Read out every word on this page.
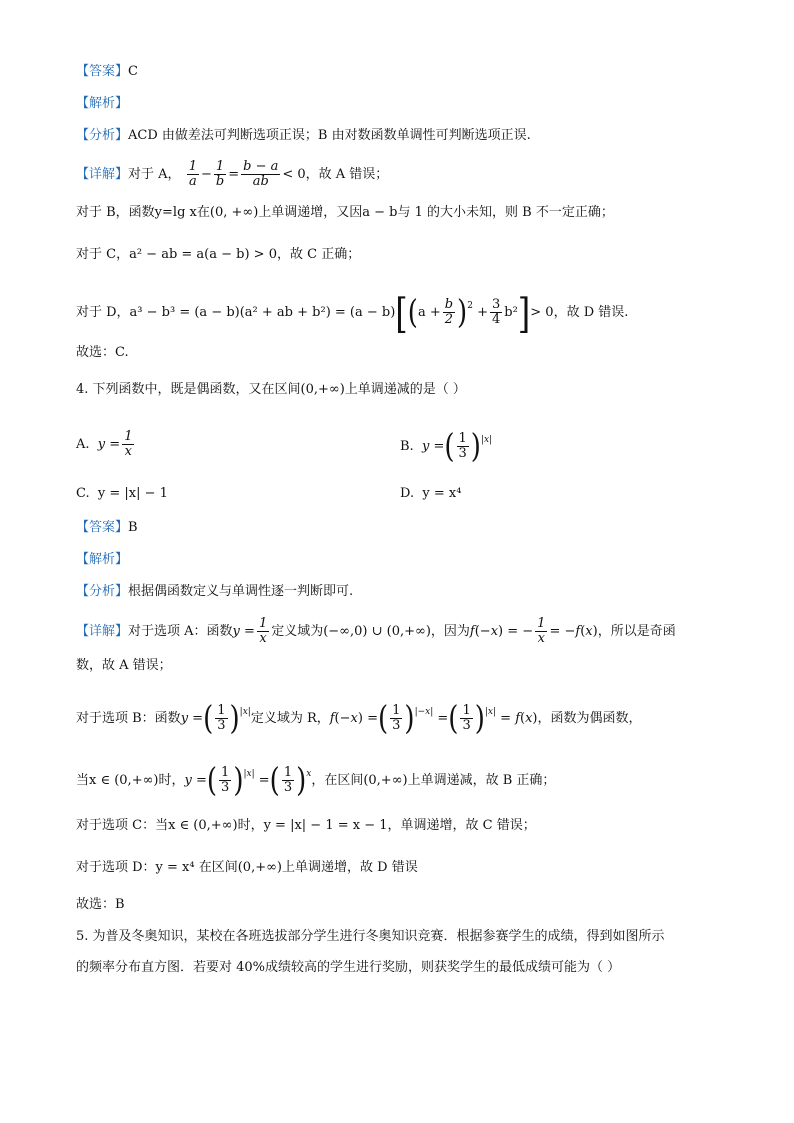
【答案】C
【解析】
【分析】ACD 由做差法可判断选项正误；B 由对数函数单调性可判断选项正误.
【详解】对于 A， $\frac{1}{a} - \frac{1}{b} = \frac{b - a}{ab} < 0$，故 A 错误；
对于 B，函数y=lg x在(0, +∞)上单调递增，又因a − b与 1 的大小未知，则 B 不一定正确；
对于 C，a² − ab = a(a − b) > 0，故 C 正确；
对于 D，a³ − b³ = (a − b)(a² + ab + $b^2) = (a - b)[(a + \frac{b}{2} )^2 + \frac{3}{4} b^2]> 0$，故 D 错误.
故选：C.
4. 下列函数中，既是偶函数，又在区间(0,+∞)上单调递减的是（ ）
A. $y = \frac{1}{x}$	B. y =( $\frac{1}{3} )^{|x|}$
C. y = |x| − 1	D. y = x⁴
【答案】B
【解析】
【分析】根据偶函数定义与单调性逐一判断即可.
【详解】对于选项 A：函数$y = \frac{1}{x}$ 定义域为(−∞,0) ∪ (0,+∞)，因为f(−x) = − $\frac{1}{x} = -f(x)$，所以是奇函
数，故 A 错误；
对于选项 B：函数y =( $\frac{1}{3} )^{|x|}$定义域为 R，f(−x) =( $\frac{1}{3} )^{|-x|}$ =( $\frac{1}{3} )^{|x|} = f(x)$，函数为偶函数，
当x ∈ (0,+∞)时，y =( $\frac{1}{3} )^{|x|}$ =( $\frac{1}{3} )^x$，在区间(0,+∞)上单调递减，故 B 正确；
对于选项 C：当x ∈ (0,+∞)时，y = |x| − 1 = x − 1，单调递增，故 C 错误；
对于选项 D：y = x⁴ 在区间(0,+∞)上单调递增，故 D 错误
故选：B
5. 为普及冬奥知识，某校在各班选拔部分学生进行冬奥知识竞赛．根据参赛学生的成绩，得到如图所示
的频率分布直方图．若要对 40%成绩较高的学生进行奖励，则获奖学生的最低成绩可能为（ ）
